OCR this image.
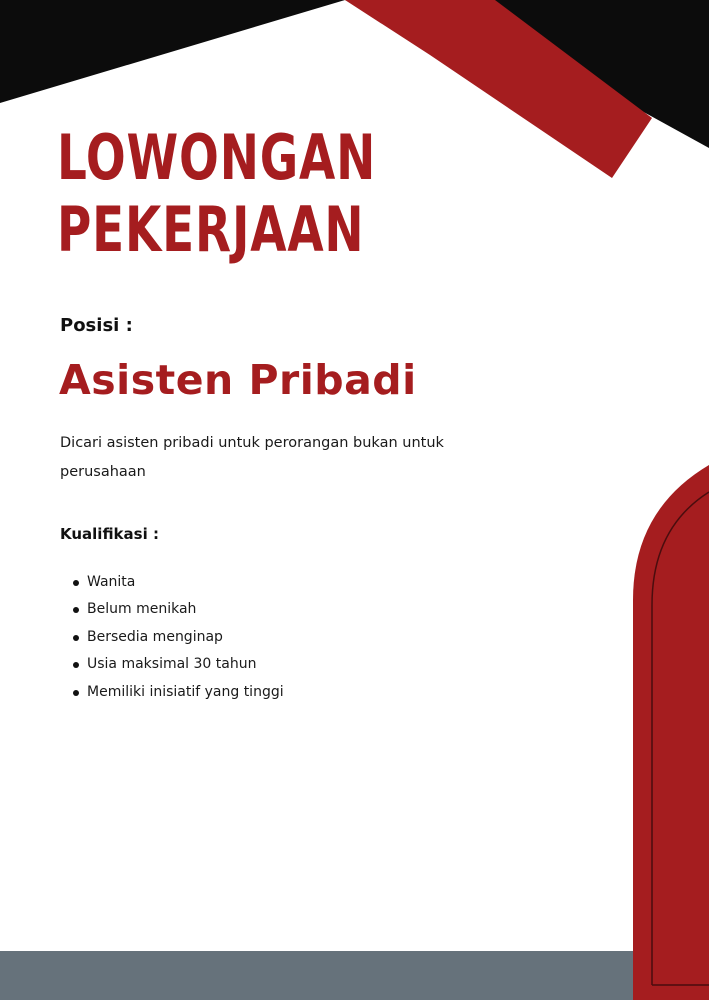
LOWONGAN
PEKERJAAN

Posisi :

Asisten Pribadi

Dicari asisten pribadi untuk perorangan bukan untuk perusahaan

Kualifikasi :

Wanita
Belum menikah
Bersedia menginap
Usia maksimal 30 tahun
Memiliki inisiatif yang tinggi
